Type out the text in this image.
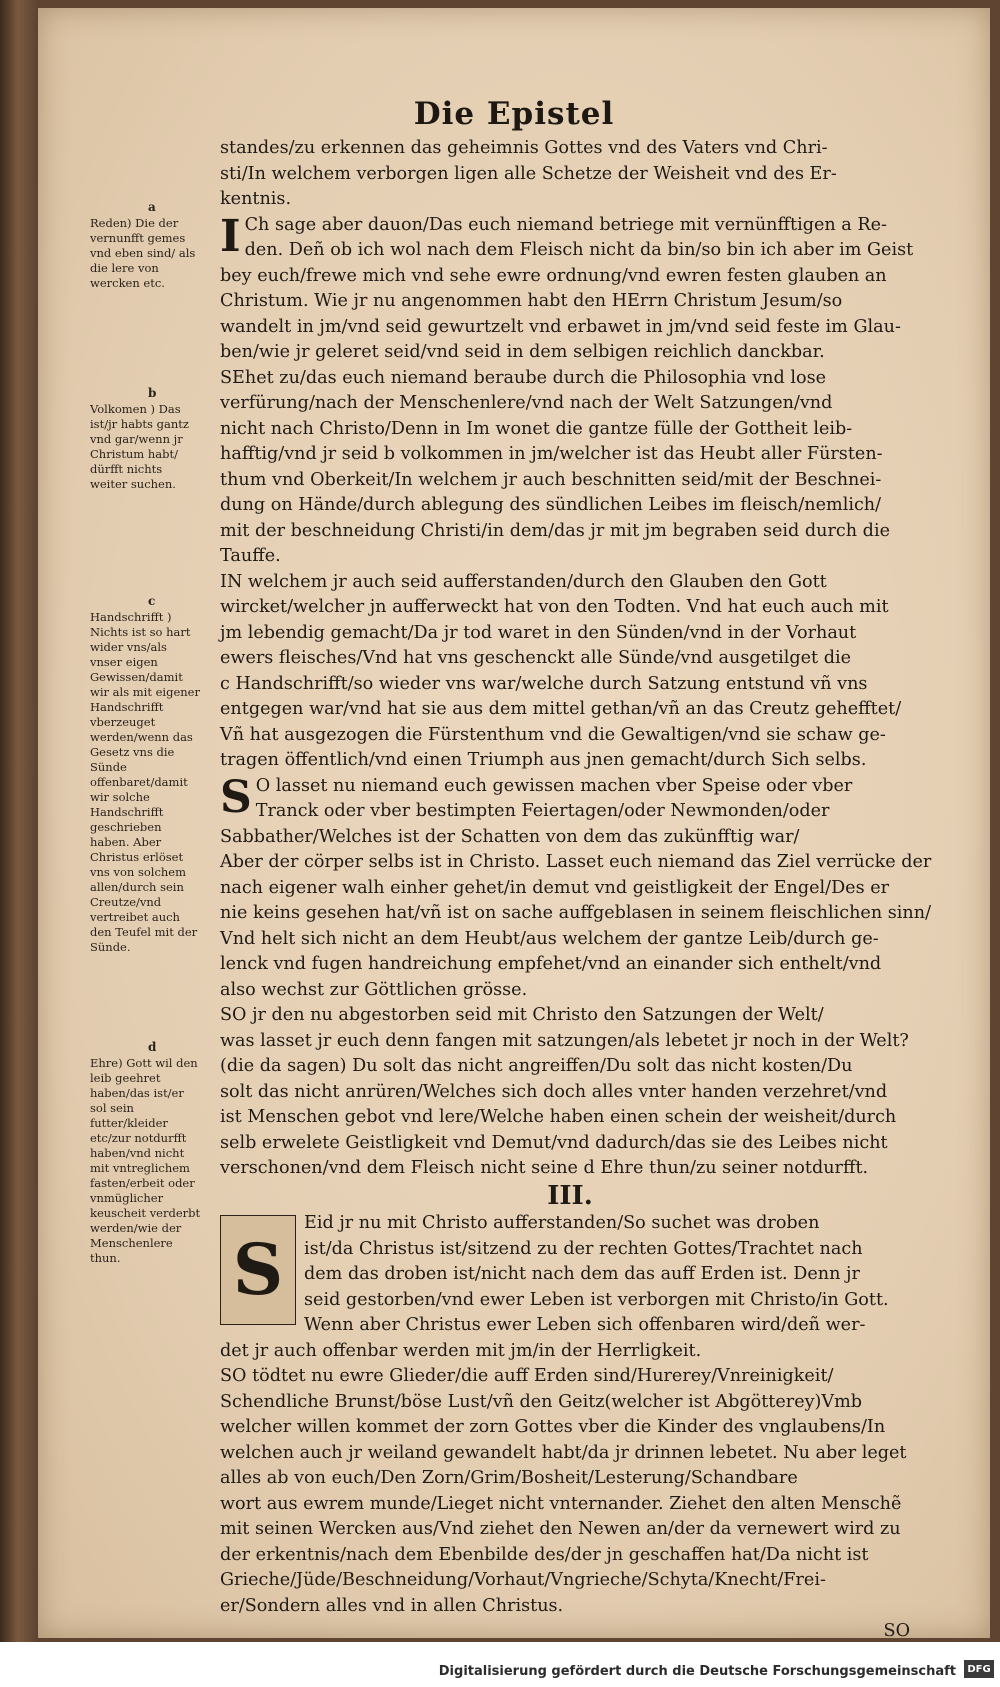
Die Epistel
a
Reden) Die der vernunfft gemes vnd eben sind/ als die lere von wercken etc.
b
Volkomen ) Das ist/jr habts gantz vnd gar/wenn jr Christum habt/ dürfft nichts weiter suchen.
c
Handschrifft ) Nichts ist so hart wider vns/als vnser eigen Gewissen/damit wir als mit eigener Handschrifft vberzeuget werden/wenn das Gesetz vns die Sünde offenbaret/damit wir solche Handschrifft geschrieben haben. Aber Christus erlöset vns von solchem allen/durch sein Creutze/vnd vertreibet auch den Teufel mit der Sünde.
d
Ehre) Gott wil den leib geehret haben/das ist/er sol sein futter/kleider etc/zur notdurfft haben/vnd nicht mit vntreglichem fasten/erbeit oder vnmüglicher keuscheit verderbt werden/wie der Menschenlere thun.
standes/zu erkennen das geheimnis Gottes vnd des Vaters vnd Chri-
sti/In welchem verborgen ligen alle Schetze der Weisheit vnd des Er-
kentnis.
I Ch sage aber dauon/Das euch niemand betriege mit vernünfftigen a Re-
den. Deñ ob ich wol nach dem Fleisch nicht da bin/so bin ich aber im Geist
bey euch/frewe mich vnd sehe ewre ordnung/vnd ewren festen glauben an
Christum. Wie jr nu angenommen habt den HErrn Christum Jesum/so
wandelt in jm/vnd seid gewurtzelt vnd erbawet in jm/vnd seid feste im Glau-
ben/wie jr geleret seid/vnd seid in dem selbigen reichlich danckbar.
SEhet zu/das euch niemand beraube durch die Philosophia vnd lose
verfürung/nach der Menschenlere/vnd nach der Welt Satzungen/vnd
nicht nach Christo/Denn in Im wonet die gantze fülle der Gottheit leib-
hafftig/vnd jr seid b volkommen in jm/welcher ist das Heubt aller Fürsten-
thum vnd Oberkeit/In welchem jr auch beschnitten seid/mit der Beschnei-
dung on Hände/durch ablegung des sündlichen Leibes im fleisch/nemlich/
mit der beschneidung Christi/in dem/das jr mit jm begraben seid durch die
Tauffe.
IN welchem jr auch seid aufferstanden/durch den Glauben den Gott
wircket/welcher jn aufferweckt hat von den Todten. Vnd hat euch auch mit
jm lebendig gemacht/Da jr tod waret in den Sünden/vnd in der Vorhaut
ewers fleisches/Vnd hat vns geschenckt alle Sünde/vnd ausgetilget die
c Handschrifft/so wieder vns war/welche durch Satzung entstund vñ vns
entgegen war/vnd hat sie aus dem mittel gethan/vñ an das Creutz gehefftet/
Vñ hat ausgezogen die Fürstenthum vnd die Gewaltigen/vnd sie schaw ge-
tragen öffentlich/vnd einen Triumph aus jnen gemacht/durch Sich selbs.
S O lasset nu niemand euch gewissen machen vber Speise oder vber
Tranck oder vber bestimpten Feiertagen/oder Newmonden/oder
Sabbather/Welches ist der Schatten von dem das zukünfftig war/
Aber der cörper selbs ist in Christo. Lasset euch niemand das Ziel verrücke der
nach eigener walh einher gehet/in demut vnd geistligkeit der Engel/Des er
nie keins gesehen hat/vñ ist on sache auffgeblasen in seinem fleischlichen sinn/
Vnd helt sich nicht an dem Heubt/aus welchem der gantze Leib/durch ge-
lenck vnd fugen handreichung empfehet/vnd an einander sich enthelt/vnd
also wechst zur Göttlichen grösse.
SO jr den nu abgestorben seid mit Christo den Satzungen der Welt/
was lasset jr euch denn fangen mit satzungen/als lebetet jr noch in der Welt?
(die da sagen) Du solt das nicht angreiffen/Du solt das nicht kosten/Du
solt das nicht anrüren/Welches sich doch alles vnter handen verzehret/vnd
ist Menschen gebot vnd lere/Welche haben einen schein der weisheit/durch
selb erwelete Geistligkeit vnd Demut/vnd dadurch/das sie des Leibes nicht
verschonen/vnd dem Fleisch nicht seine d Ehre thun/zu seiner notdurfft.
III.
S
Eid jr nu mit Christo aufferstanden/So suchet was droben
ist/da Christus ist/sitzend zu der rechten Gottes/Trachtet nach
dem das droben ist/nicht nach dem das auff Erden ist. Denn jr
seid gestorben/vnd ewer Leben ist verborgen mit Christo/in Gott.
Wenn aber Christus ewer Leben sich offenbaren wird/deñ wer-
det jr auch offenbar werden mit jm/in der Herrligkeit.
SO tödtet nu ewre Glieder/die auff Erden sind/Hurerey/Vnreinigkeit/
Schendliche Brunst/böse Lust/vñ den Geitz(welcher ist Abgötterey)Vmb
welcher willen kommet der zorn Gottes vber die Kinder des vnglaubens/In
welchen auch jr weiland gewandelt habt/da jr drinnen lebetet. Nu aber leget
alles ab von euch/Den Zorn/Grim/Bosheit/Lesterung/Schandbare
wort aus ewrem munde/Lieget nicht vnternander. Ziehet den alten Menschẽ
mit seinen Wercken aus/Vnd ziehet den Newen an/der da vernewert wird zu
der erkentnis/nach dem Ebenbilde des/der jn geschaffen hat/Da nicht ist
Grieche/Jüde/Beschneidung/Vorhaut/Vngrieche/Schyta/Knecht/Frei-
er/Sondern alles vnd in allen Christus.
SO
Digitalisierung gefördert durch die Deutsche Forschungsgemeinschaft	DFG
